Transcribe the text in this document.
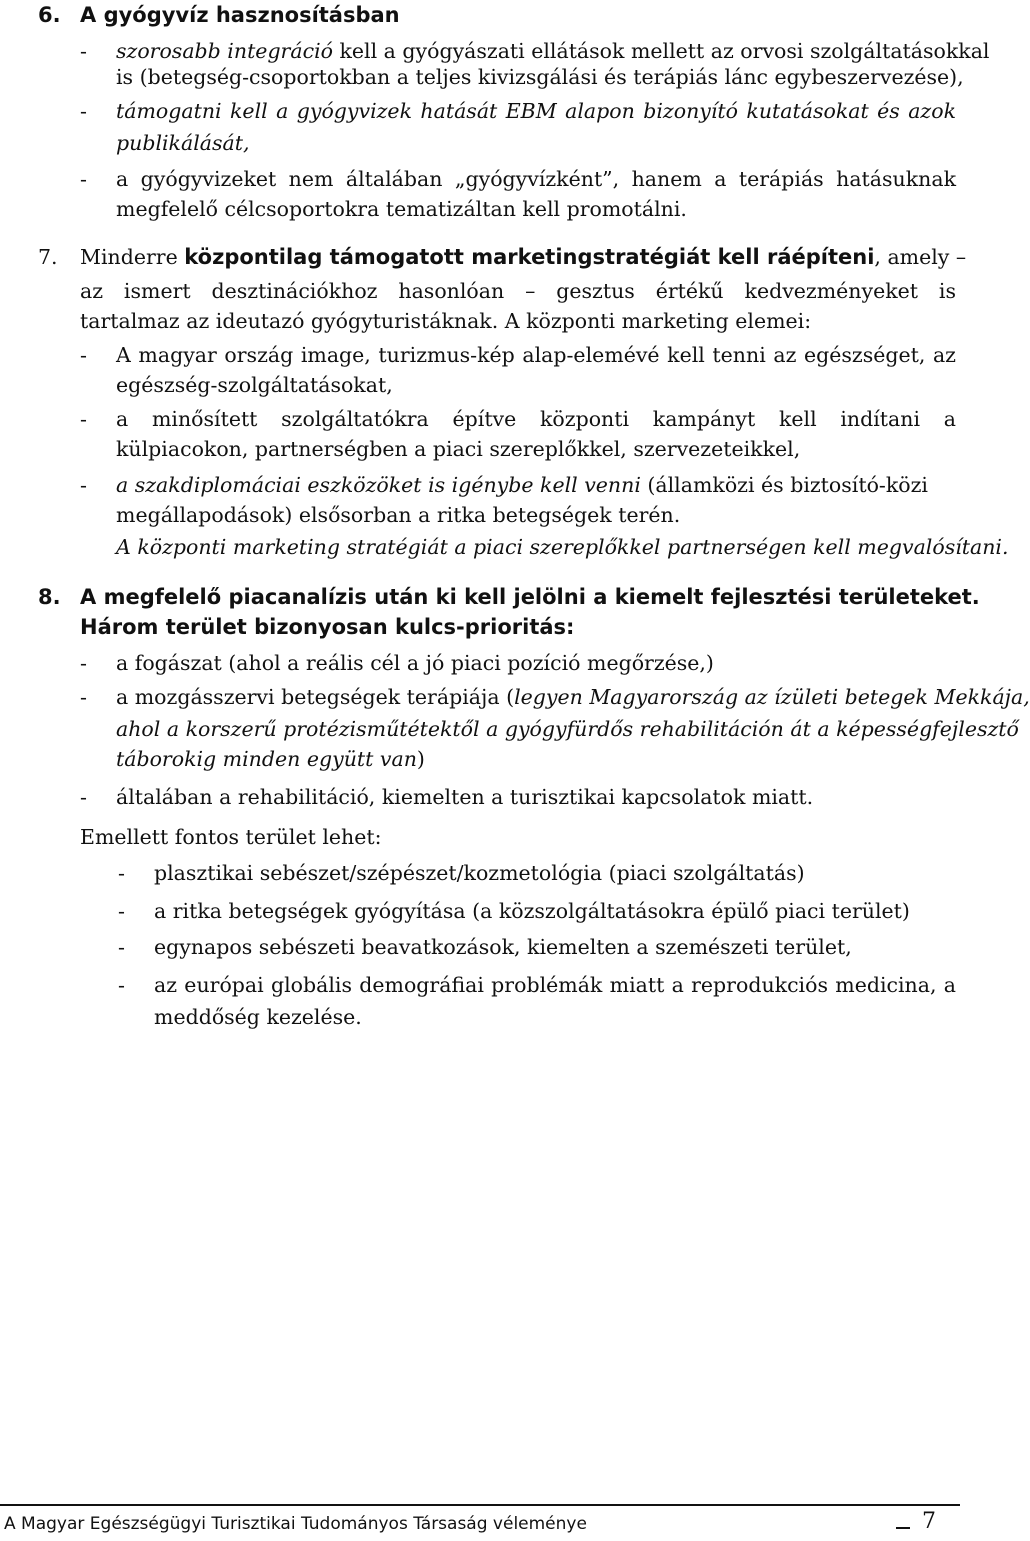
6. A gyógyvíz hasznosításban
- szorosabb integráció kell a gyógyászati ellátások mellett az orvosi szolgáltatásokkal
is (betegség-csoportokban a teljes kivizsgálási és terápiás lánc egybeszervezése),
- támogatni kell a gyógyvizek hatását EBM alapon bizonyító kutatásokat és azok
publikálását,
- a gyógyvizeket nem általában „gyógyvízként”, hanem a terápiás hatásuknak
megfelelő célcsoportokra tematizáltan kell promotálni.
7. Minderre központilag támogatott marketingstratégiát kell ráépíteni, amely –
az ismert desztinációkhoz hasonlóan – gesztus értékű kedvezményeket is
tartalmaz az ideutazó gyógyturistáknak. A központi marketing elemei:
- A magyar ország image, turizmus-kép alap-elemévé kell tenni az egészséget, az
egészség-szolgáltatásokat,
- a minősített szolgáltatókra építve központi kampányt kell indítani a
külpiacokon, partnerségben a piaci szereplőkkel, szervezeteikkel,
- a szakdiplomáciai eszközöket is igénybe kell venni (államközi és biztosító-közi
megállapodások) elsősorban a ritka betegségek terén.
A központi marketing stratégiát a piaci szereplőkkel partnerségen kell megvalósítani.
8. A megfelelő piacanalízis után ki kell jelölni a kiemelt fejlesztési területeket.
Három terület bizonyosan kulcs-prioritás:
- a fogászat (ahol a reális cél a jó piaci pozíció megőrzése,)
- a mozgásszervi betegségek terápiája (legyen Magyarország az ízületi betegek Mekkája,
ahol a korszerű protézisműtétektől a gyógyfürdős rehabilitáción át a képességfejlesztő
táborokig minden együtt van)
- általában a rehabilitáció, kiemelten a turisztikai kapcsolatok miatt.
Emellett fontos terület lehet:
- plasztikai sebészet/szépészet/kozmetológia (piaci szolgáltatás)
- a ritka betegségek gyógyítása (a közszolgáltatásokra épülő piaci terület)
- egynapos sebészeti beavatkozások, kiemelten a szemészeti terület,
- az európai globális demográfiai problémák miatt a reprodukciós medicina, a
meddőség kezelése.
A Magyar Egészségügyi Turisztikai Tudományos Társaság véleménye	7
